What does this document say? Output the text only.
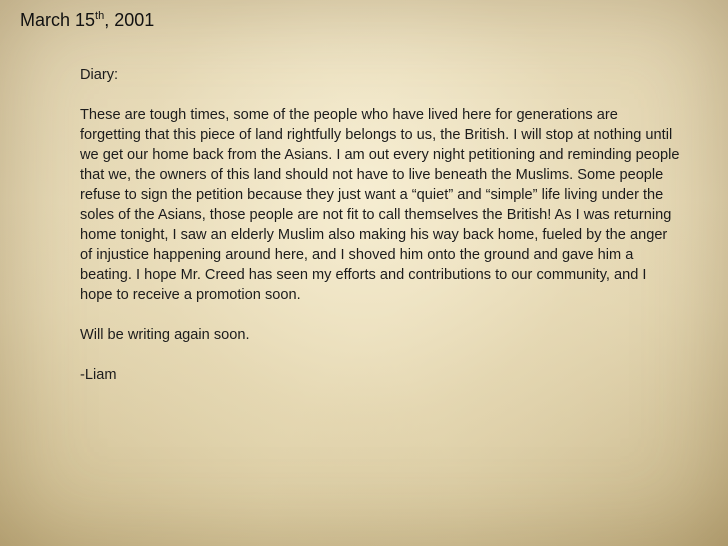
March 15th, 2001

Diary:

These are tough times, some of the people who have lived here for generations are forgetting that this piece of land rightfully belongs to us, the British. I will stop at nothing until we get our home back from the Asians. I am out every night petitioning and reminding people that we, the owners of this land should not have to live beneath the Muslims. Some people refuse to sign the petition because they just want a “quiet” and “simple” life living under the soles of the Asians, those people are not fit to call themselves the British! As I was returning home tonight, I saw an elderly Muslim also making his way back home, fueled by the anger of injustice happening around here, and I shoved him onto the ground and gave him a beating. I hope Mr. Creed has seen my efforts and contributions to our community, and I hope to receive a promotion soon.

Will be writing again soon.

-Liam
